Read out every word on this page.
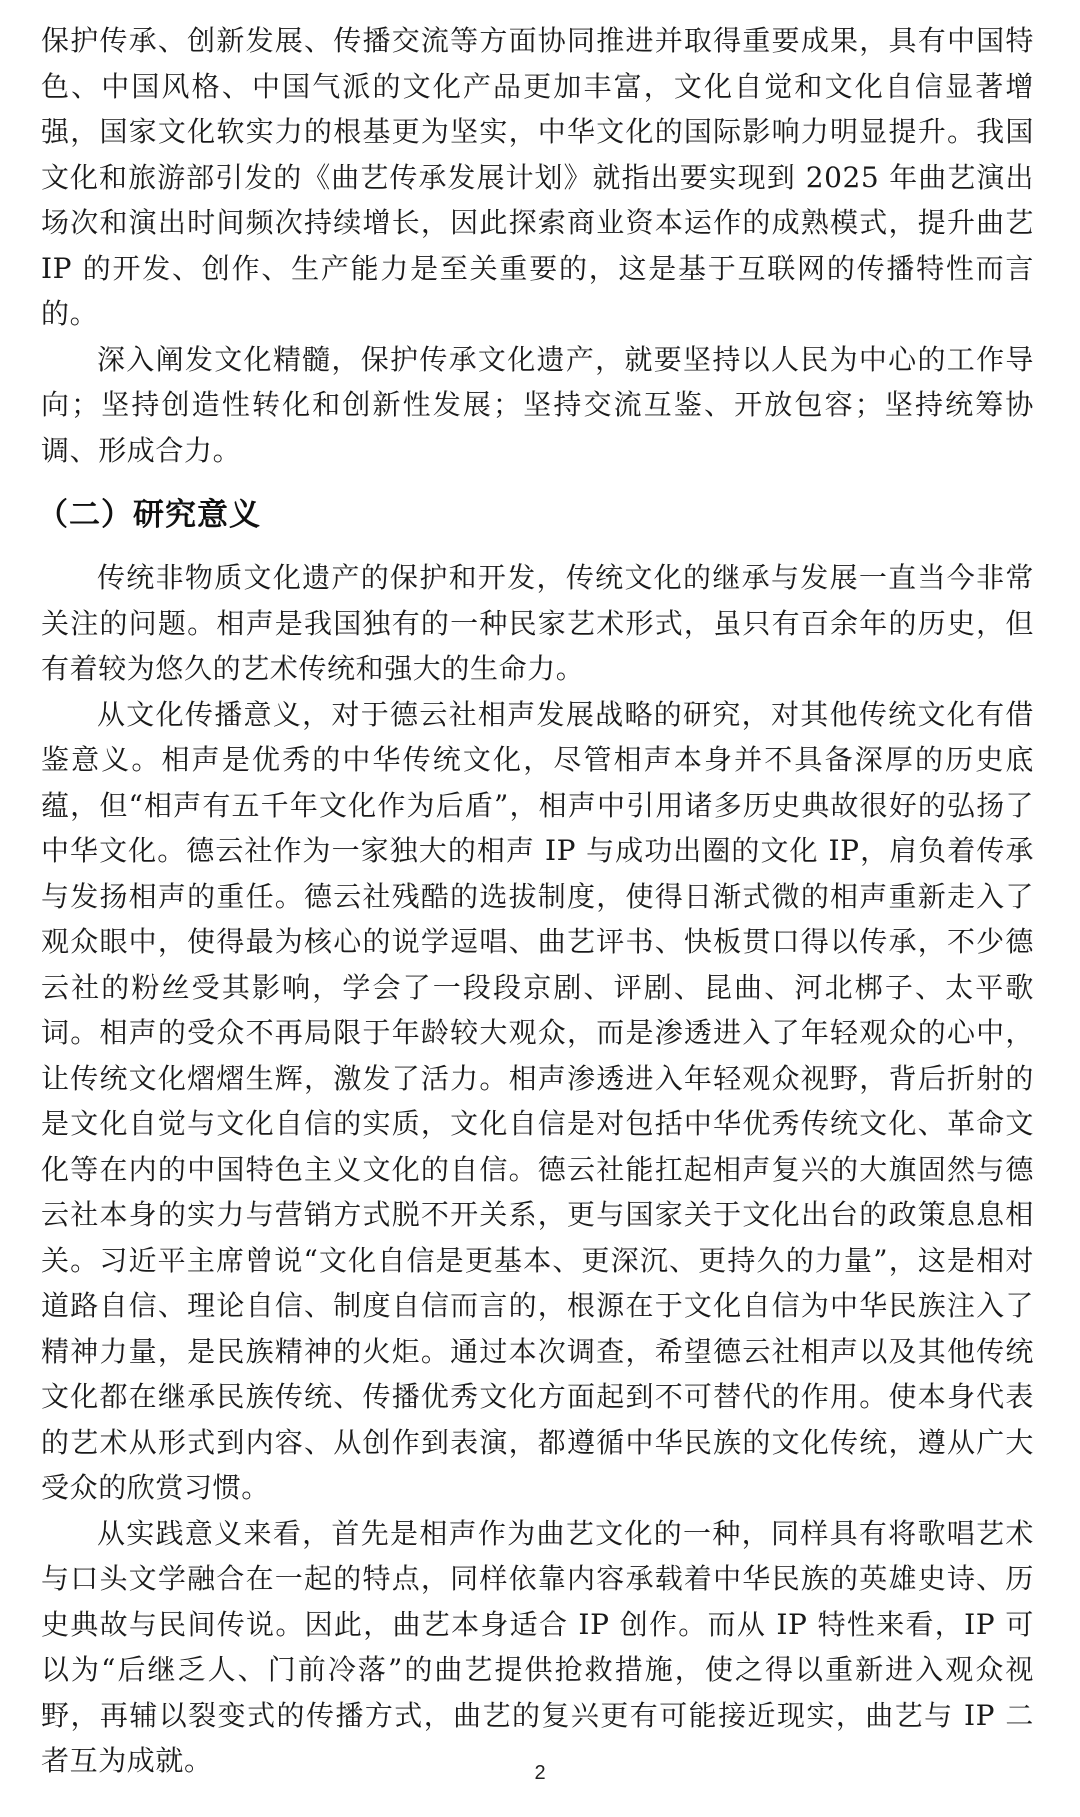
保护传承、创新发展、传播交流等方面协同推进并取得重要成果，具有中国特色、中国风格、中国气派的文化产品更加丰富，文化自觉和文化自信显著增强，国家文化软实力的根基更为坚实，中华文化的国际影响力明显提升。我国文化和旅游部引发的《曲艺传承发展计划》就指出要实现到 2025 年曲艺演出场次和演出时间频次持续增长，因此探索商业资本运作的成熟模式，提升曲艺 IP 的开发、创作、生产能力是至关重要的，这是基于互联网的传播特性而言的。

深入阐发文化精髓，保护传承文化遗产，就要坚持以人民为中心的工作导向；坚持创造性转化和创新性发展；坚持交流互鉴、开放包容；坚持统筹协调、形成合力。

（二）研究意义

传统非物质文化遗产的保护和开发，传统文化的继承与发展一直当今非常关注的问题。相声是我国独有的一种民家艺术形式，虽只有百余年的历史，但有着较为悠久的艺术传统和强大的生命力。

从文化传播意义，对于德云社相声发展战略的研究，对其他传统文化有借鉴意义。相声是优秀的中华传统文化，尽管相声本身并不具备深厚的历史底蕴，但“相声有五千年文化作为后盾”，相声中引用诸多历史典故很好的弘扬了中华文化。德云社作为一家独大的相声 IP 与成功出圈的文化 IP，肩负着传承与发扬相声的重任。德云社残酷的选拔制度，使得日渐式微的相声重新走入了观众眼中，使得最为核心的说学逗唱、曲艺评书、快板贯口得以传承，不少德云社的粉丝受其影响，学会了一段段京剧、评剧、昆曲、河北梆子、太平歌词。相声的受众不再局限于年龄较大观众，而是渗透进入了年轻观众的心中，让传统文化熠熠生辉，激发了活力。相声渗透进入年轻观众视野，背后折射的是文化自觉与文化自信的实质，文化自信是对包括中华优秀传统文化、革命文化等在内的中国特色主义文化的自信。德云社能扛起相声复兴的大旗固然与德云社本身的实力与营销方式脱不开关系，更与国家关于文化出台的政策息息相关。习近平主席曾说“文化自信是更基本、更深沉、更持久的力量”，这是相对道路自信、理论自信、制度自信而言的，根源在于文化自信为中华民族注入了精神力量，是民族精神的火炬。通过本次调查，希望德云社相声以及其他传统文化都在继承民族传统、传播优秀文化方面起到不可替代的作用。使本身代表的艺术从形式到内容、从创作到表演，都遵循中华民族的文化传统，遵从广大受众的欣赏习惯。

从实践意义来看，首先是相声作为曲艺文化的一种，同样具有将歌唱艺术与口头文学融合在一起的特点，同样依靠内容承载着中华民族的英雄史诗、历史典故与民间传说。因此，曲艺本身适合 IP 创作。而从 IP 特性来看，IP 可以为“后继乏人、门前冷落”的曲艺提供抢救措施，使之得以重新进入观众视野，再辅以裂变式的传播方式，曲艺的复兴更有可能接近现实，曲艺与 IP 二者互为成就。	2
